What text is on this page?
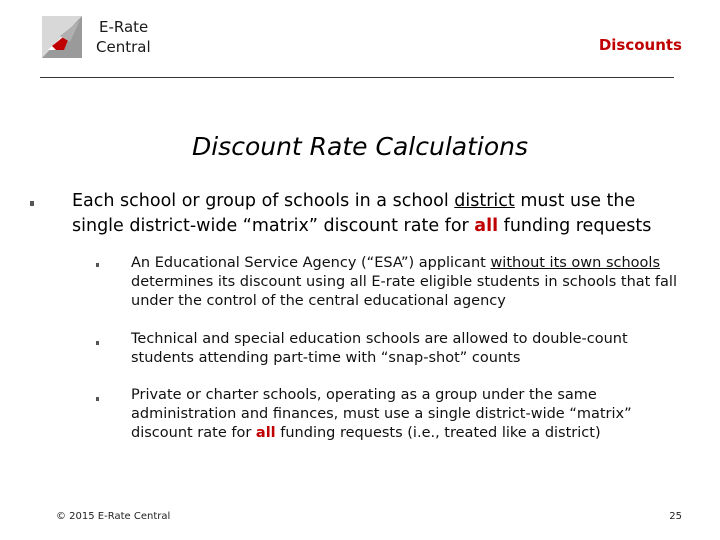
E-Rate
Central	Discounts
Discount Rate Calculations
Each school or group of schools in a school district must use the single district-wide “matrix” discount rate for all funding requests
An Educational Service Agency (“ESA”) applicant without its own schools determines its discount using all E-rate eligible students in schools that fall under the control of the central educational agency
Technical and special education schools are allowed to double-count students attending part-time with “snap-shot” counts
Private or charter schools, operating as a group under the same administration and finances, must use a single district-wide “matrix” discount rate for all funding requests (i.e., treated like a district)
© 2015 E-Rate Central	25
